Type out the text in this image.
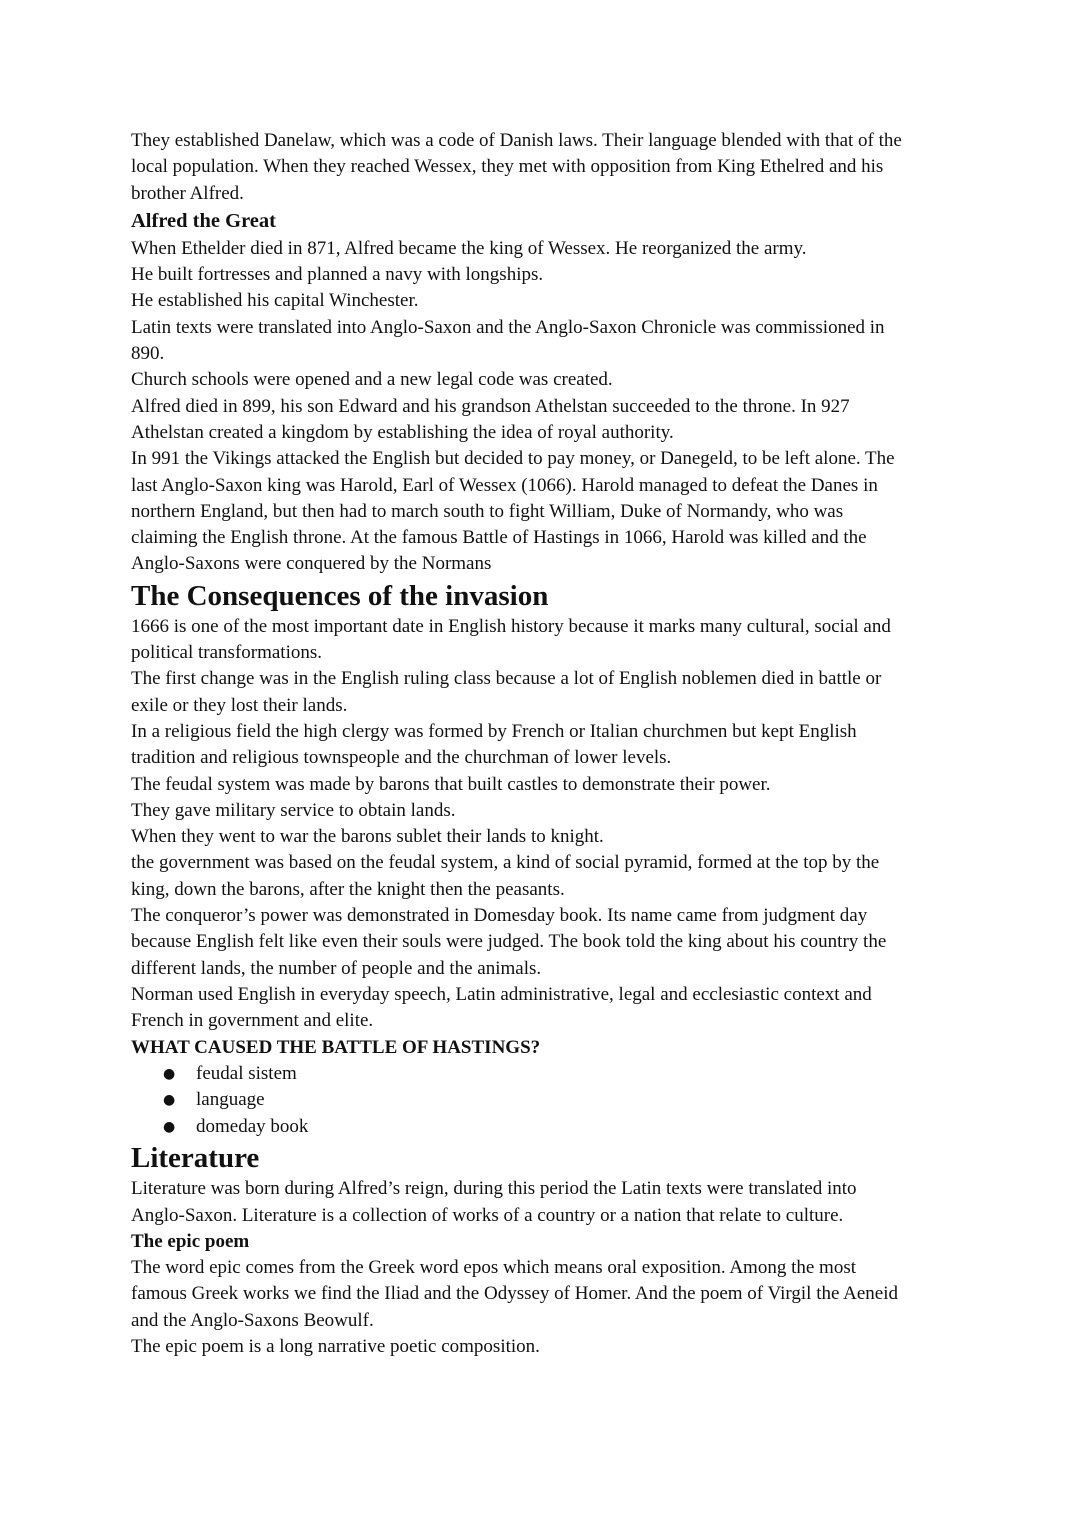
They established Danelaw, which was a code of Danish laws. Their language blended with that of the

local population. When they reached Wessex, they met with opposition from King Ethelred and his

brother Alfred.

Alfred the Great

When Ethelder died in 871, Alfred became the king of Wessex. He reorganized the army.

He built fortresses and planned a navy with longships.

He established his capital Winchester.

Latin texts were translated into Anglo-Saxon and the Anglo-Saxon Chronicle was commissioned in

890.

Church schools were opened and a new legal code was created.

Alfred died in 899, his son Edward and his grandson Athelstan succeeded to the throne. In 927

Athelstan created a kingdom by establishing the idea of royal authority.

In 991 the Vikings attacked the English but decided to pay money, or Danegeld, to be left alone. The

last Anglo-Saxon king was Harold, Earl of Wessex (1066). Harold managed to defeat the Danes in

northern England, but then had to march south to fight William, Duke of Normandy, who was

claiming the English throne. At the famous Battle of Hastings in 1066, Harold was killed and the

Anglo-Saxons were conquered by the Normans

The Consequences of the invasion

1666 is one of the most important date in English history because it marks many cultural, social and

political transformations.

The first change was in the English ruling class because a lot of English noblemen died in battle or

exile or they lost their lands.

In a religious field the high clergy was formed by French or Italian churchmen but kept English

tradition and religious townspeople and the churchman of lower levels.

The feudal system was made by barons that built castles to demonstrate their power.

They gave military service to obtain lands.

When they went to war the barons sublet their lands to knight.

the government was based on the feudal system, a kind of social pyramid, formed at the top by the

king, down the barons, after the knight then the peasants.

The conqueror’s power was demonstrated in Domesday book. Its name came from judgment day

because English felt like even their souls were judged. The book told the king about his country the

different lands, the number of people and the animals.

Norman used English in everyday speech, Latin administrative, legal and ecclesiastic context and

French in government and elite.

WHAT CAUSED THE BATTLE OF HASTINGS?
● feudal sistem
● language
● domeday book
Literature

Literature was born during Alfred’s reign, during this period the Latin texts were translated into

Anglo-Saxon. Literature is a collection of works of a country or a nation that relate to culture.

The epic poem

The word epic comes from the Greek word epos which means oral exposition. Among the most

famous Greek works we find the Iliad and the Odyssey of Homer. And the poem of Virgil the Aeneid

and the Anglo-Saxons Beowulf.

The epic poem is a long narrative poetic composition.
